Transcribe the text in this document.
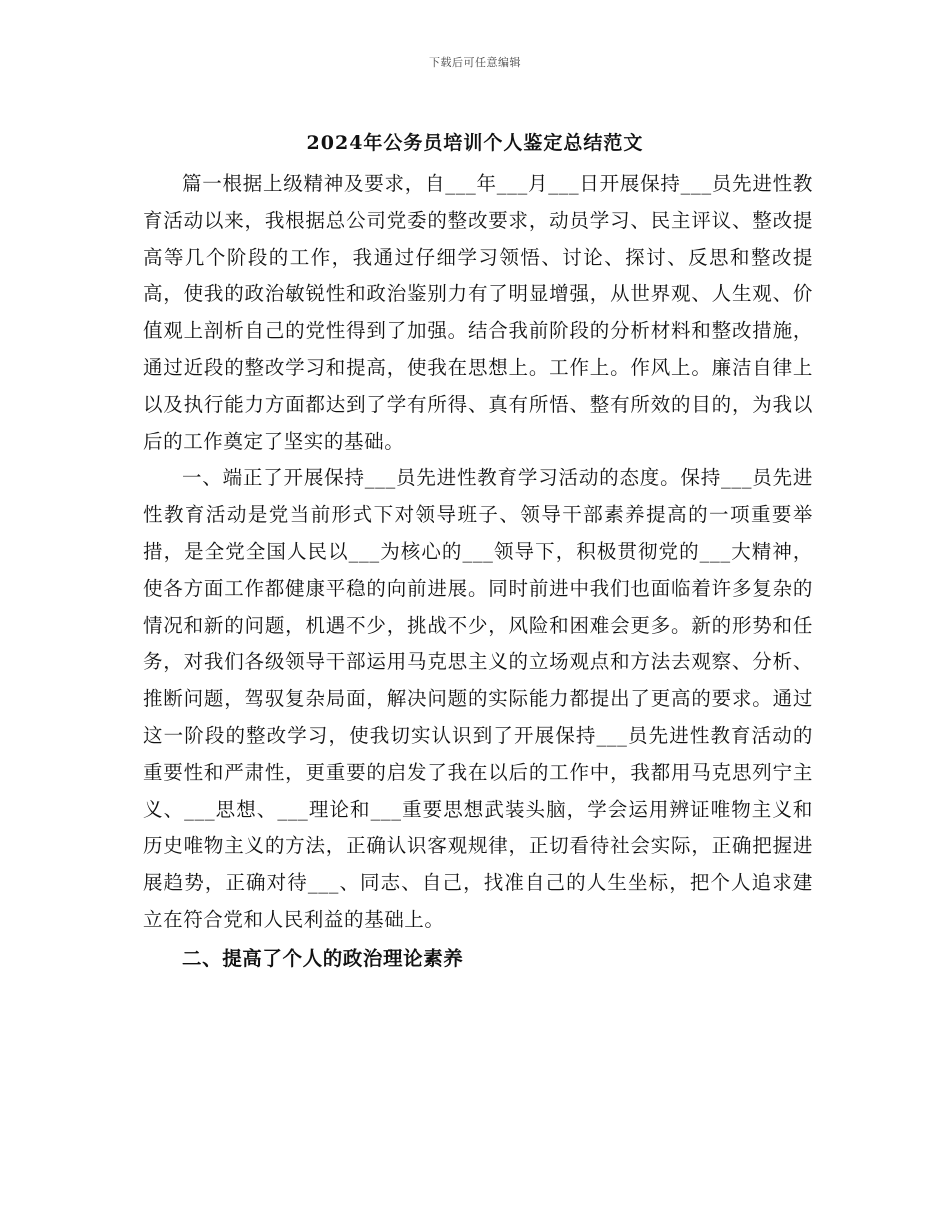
下载后可任意编辑
2024年公务员培训个人鉴定总结范文

篇一根据上级精神及要求，自___年___月___日开展保持___员先进性教育活动以来，我根据总公司党委的整改要求，动员学习、民主评议、整改提高等几个阶段的工作，我通过仔细学习领悟、讨论、探讨、反思和整改提高，使我的政治敏锐性和政治鉴别力有了明显增强，从世界观、人生观、价值观上剖析自己的党性得到了加强。结合我前阶段的分析材料和整改措施，通过近段的整改学习和提高，使我在思想上。工作上。作风上。廉洁自律上以及执行能力方面都达到了学有所得、真有所悟、整有所效的目的，为我以后的工作奠定了坚实的基础。

一、端正了开展保持___员先进性教育学习活动的态度。保持___员先进性教育活动是党当前形式下对领导班子、领导干部素养提高的一项重要举措，是全党全国人民以___为核心的___领导下，积极贯彻党的___大精神，使各方面工作都健康平稳的向前进展。同时前进中我们也面临着许多复杂的情况和新的问题，机遇不少，挑战不少，风险和困难会更多。新的形势和任务，对我们各级领导干部运用马克思主义的立场观点和方法去观察、分析、推断问题，驾驭复杂局面，解决问题的实际能力都提出了更高的要求。通过这一阶段的整改学习，使我切实认识到了开展保持___员先进性教育活动的重要性和严肃性，更重要的启发了我在以后的工作中，我都用马克思列宁主义、___思想、___理论和___重要思想武装头脑，学会运用辨证唯物主义和历史唯物主义的方法，正确认识客观规律，正切看待社会实际，正确把握进展趋势，正确对待___、同志、自己，找准自己的人生坐标，把个人追求建立在符合党和人民利益的基础上。

二、提高了个人的政治理论素养
